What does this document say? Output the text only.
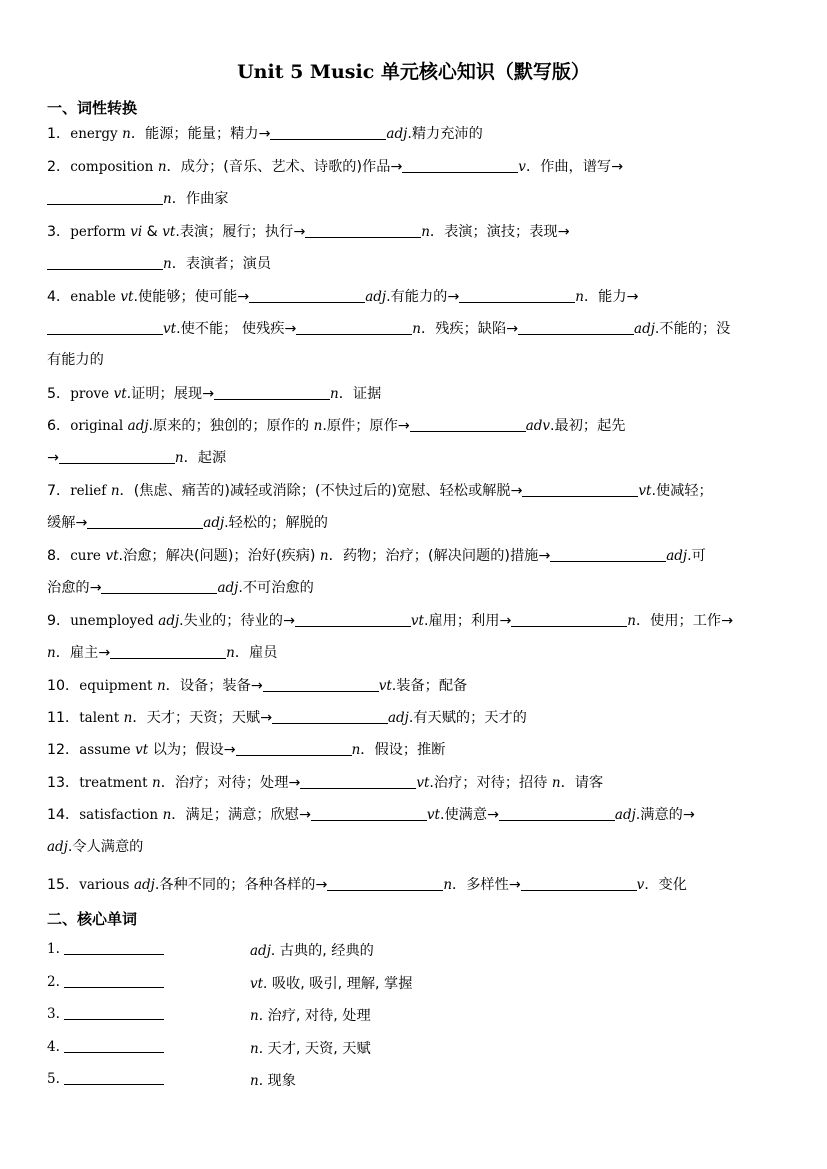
Unit 5 Music 单元核心知识（默写版）
一、词性转换
1．energy n．能源；能量；精力→	adj.精力充沛的
2．composition n．成分；(音乐、艺术、诗歌的)作品→	v．作曲，谱写→
n．作曲家
3．perform vi & vt.表演；履行；执行→	n．表演；演技；表现→
n．表演者；演员
4．enable vt.使能够；使可能→	adj.有能力的→	n．能力→
vt.使不能； 使残疾→	n．残疾；缺陷→	adj.不能的；没
有能力的
5．prove vt.证明；展现→	n．证据
6．original adj.原来的；独创的；原作的 n.原件；原作→	adv.最初；起先
→	n．起源
7．relief n．(焦虑、痛苦的)减轻或消除；(不快过后的)宽慰、轻松或解脱→	vt.使减轻；
缓解→	adj.轻松的；解脱的
8．cure vt.治愈；解决(问题)；治好(疾病) n．药物；治疗；(解决问题的)措施→	adj.可
治愈的→	adj.不可治愈的
9．unemployed adj.失业的；待业的→	vt.雇用；利用→	n．使用；工作→
n．雇主→	n．雇员
10．equipment n．设备；装备→	vt.装备；配备
11．talent n．天才；天资；天赋→	adj.有天赋的；天才的
12．assume vt 以为；假设→	n．假设；推断
13．treatment n．治疗；对待；处理→	vt.治疗；对待；招待 n．请客
14．satisfaction n．满足；满意；欣慰→	vt.使满意→	adj.满意的→
adj.令人满意的
15．various adj.各种不同的；各种各样的→	n．多样性→	v．变化
二、核心单词
1.	adj. 古典的, 经典的
2.	vt. 吸收, 吸引, 理解, 掌握
3.	n. 治疗, 对待, 处理
4.	n. 天才, 天资, 天赋
5.	n. 现象
